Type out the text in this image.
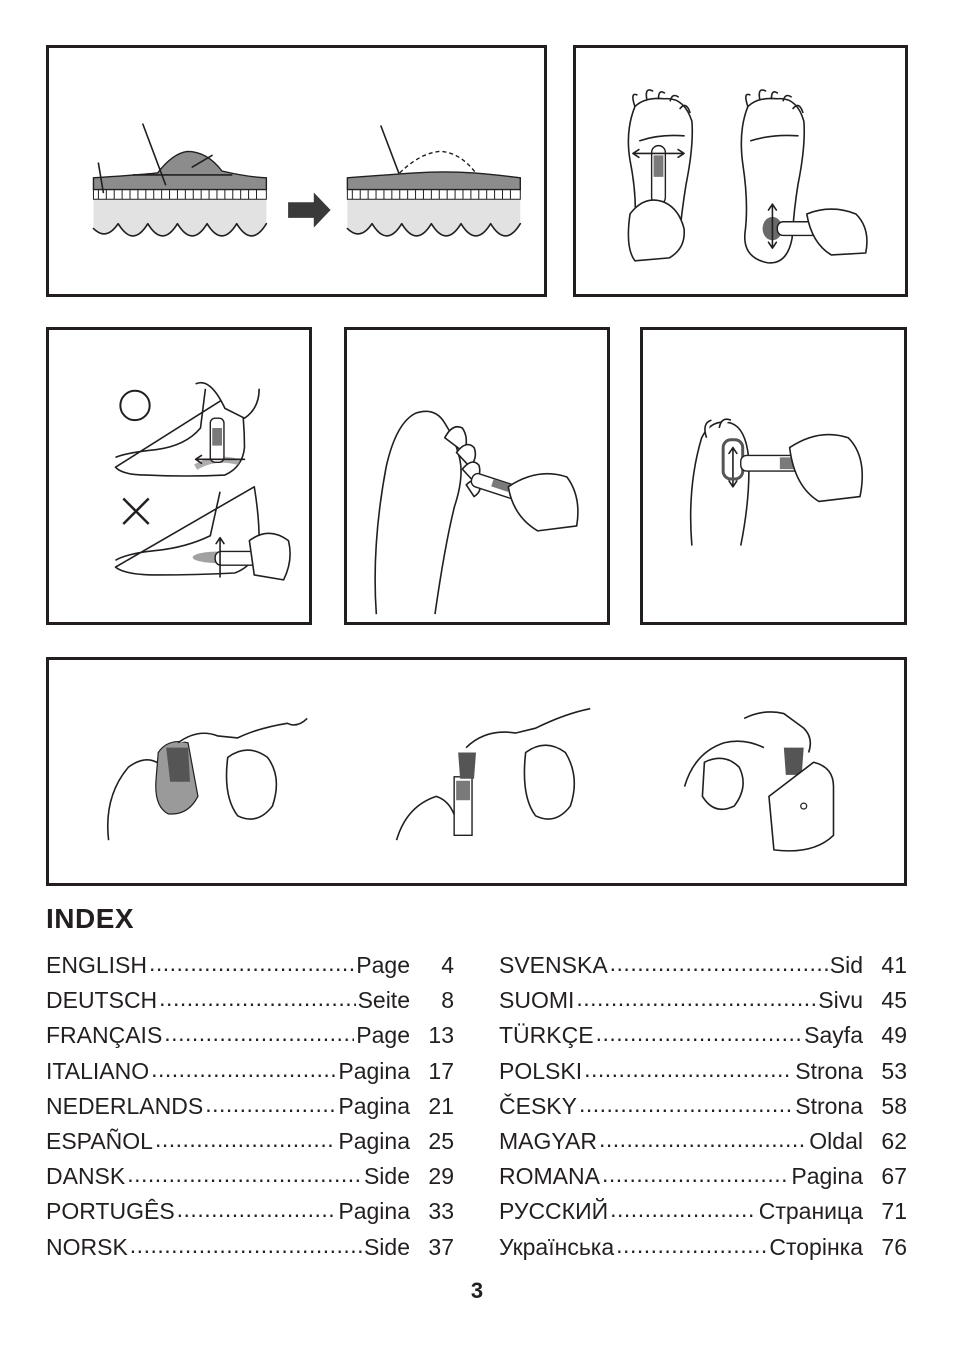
INDEX
ENGLISH .....	Page	4
DEUTSCH .....	Seite	8
FRANÇAIS .....	Page 13
ITALIANO .....	Pagina 17
NEDERLANDS .....	Pagina 21
ESPAÑOL .....	Pagina 25
DANSK .....	Side 29
PORTUGÊS .....	Pagina 33
NORSK .....	Side 37
SVENSKA .....	Sid 41
SUOMI .....	Sivu 45
TÜRKÇE .....	Sayfa 49
POLSKI .....	Strona 53
ČESKY .....	Strona 58
MAGYAR .....	Oldal 62
ROMANA .....	Pagina 67
РУССКИЙ .....	Страница 71
Українська .....	Сторінка 76
3
